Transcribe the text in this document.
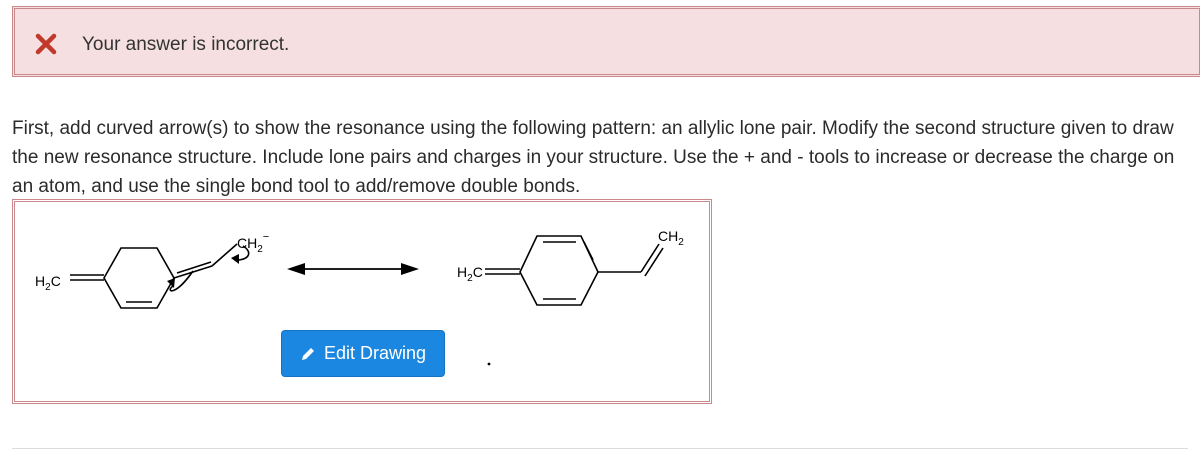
Your answer is incorrect.
First, add curved arrow(s) to show the resonance using the following pattern: an allylic lone pair. Modify the second structure given to draw the new resonance structure. Include lone pairs and charges in your structure. Use the + and - tools to increase or decrease the charge on an atom, and use the single bond tool to add/remove double bonds.
$H_2C$
$CH_2^-$
$H_2C$
$CH_2$
Edit Drawing
